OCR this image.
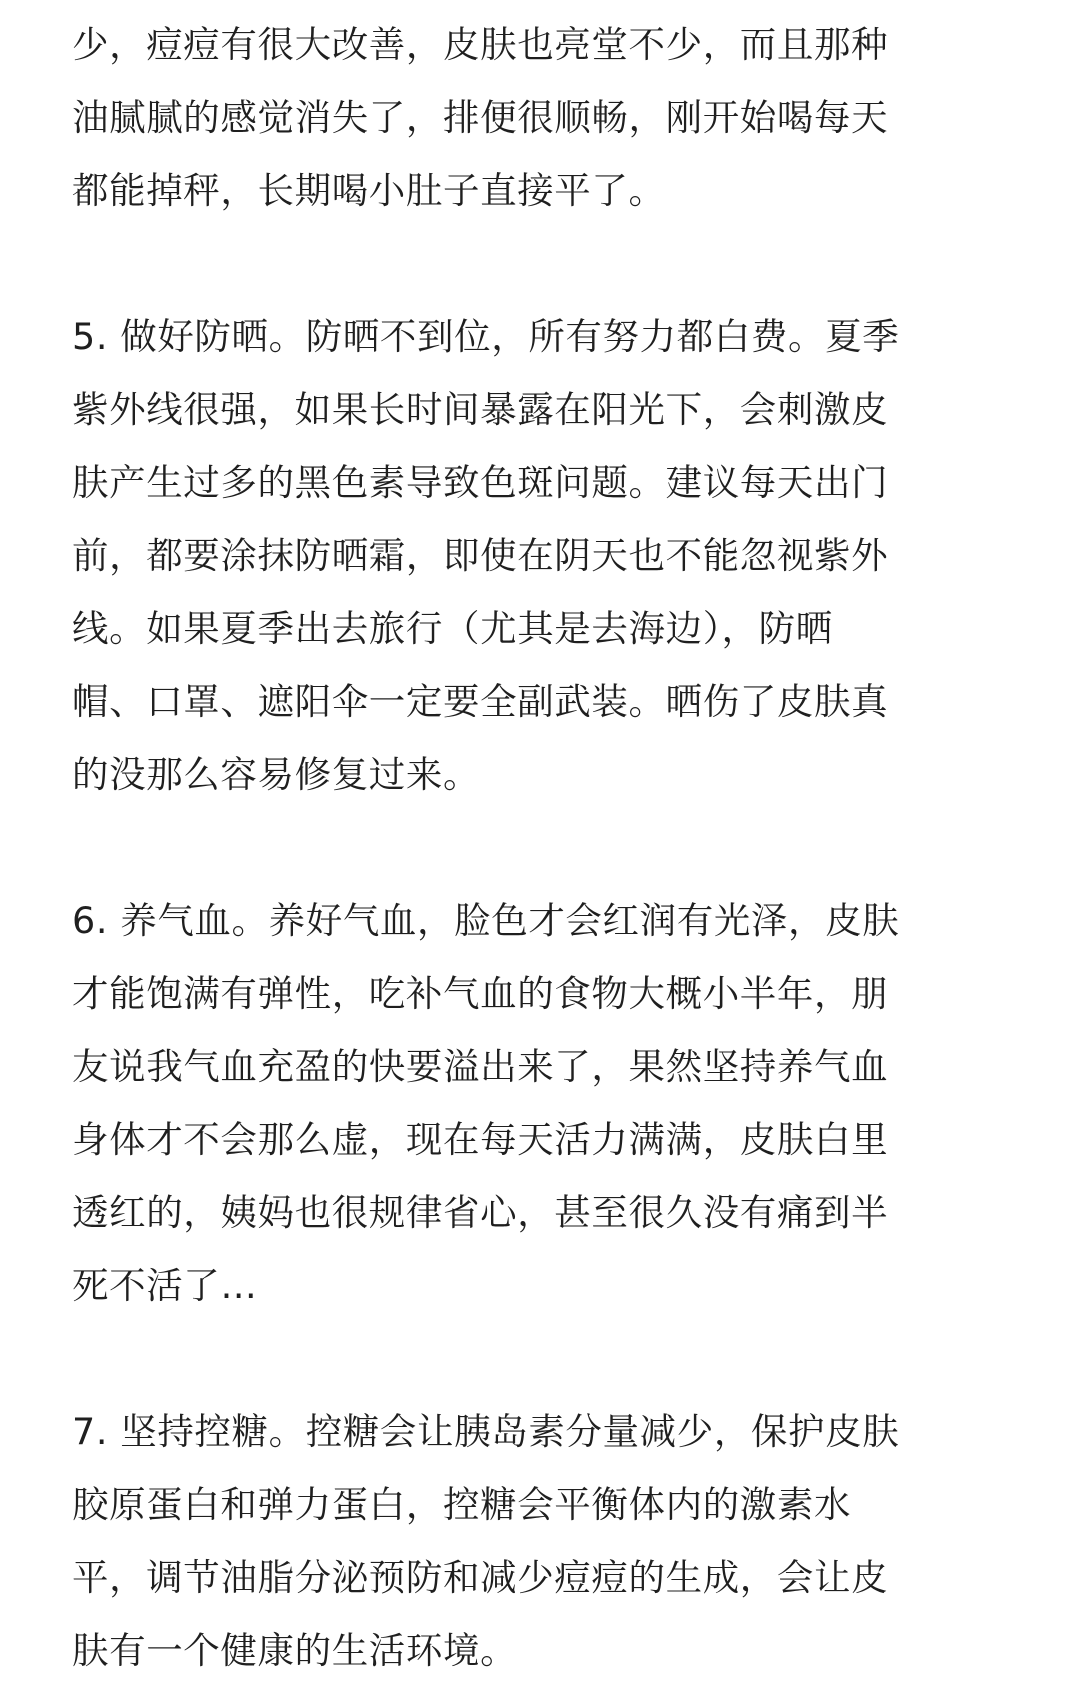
少，痘痘有很大改善，皮肤也亮堂不少，而且那种
油腻腻的感觉消失了，排便很顺畅，刚开始喝每天
都能掉秤，长期喝小肚子直接平了。

5. 做好防晒。防晒不到位，所有努力都白费。夏季
紫外线很强，如果长时间暴露在阳光下，会刺激皮
肤产生过多的黑色素导致色斑问题。建议每天出门
前，都要涂抹防晒霜，即使在阴天也不能忽视紫外
线。如果夏季出去旅行（尤其是去海边），防晒
帽、口罩、遮阳伞一定要全副武装。晒伤了皮肤真
的没那么容易修复过来。

6. 养气血。养好气血，脸色才会红润有光泽，皮肤
才能饱满有弹性，吃补气血的食物大概小半年，朋
友说我气血充盈的快要溢出来了，果然坚持养气血
身体才不会那么虚，现在每天活力满满，皮肤白里
透红的，姨妈也很规律省心，甚至很久没有痛到半
死不活了…

7. 坚持控糖。控糖会让胰岛素分量减少，保护皮肤
胶原蛋白和弹力蛋白，控糖会平衡体内的激素水
平，调节油脂分泌预防和减少痘痘的生成，会让皮
肤有一个健康的生活环境。
